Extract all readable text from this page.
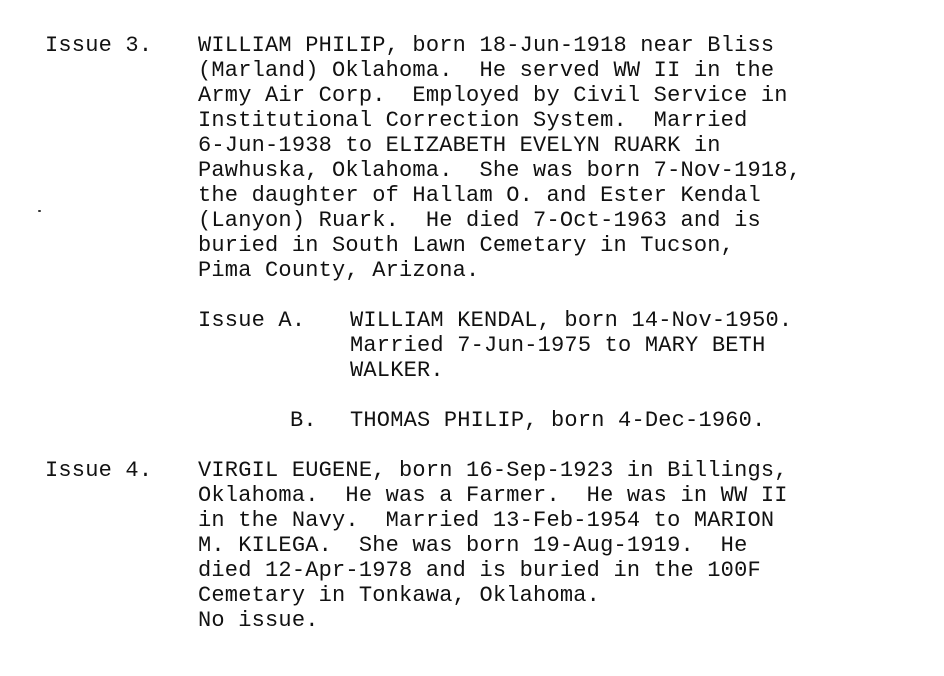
Issue 3. WILLIAM PHILIP, born 18-Jun-1918 near Bliss
(Marland) Oklahoma.  He served WW II in the
Army Air Corp.  Employed by Civil Service in
Institutional Correction System.  Married
6-Jun-1938 to ELIZABETH EVELYN RUARK in
Pawhuska, Oklahoma.  She was born 7-Nov-1918,
the daughter of Hallam O. and Ester Kendal
(Lanyon) Ruark.  He died 7-Oct-1963 and is
buried in South Lawn Cemetary in Tucson,
Pima County, Arizona.
Issue A. WILLIAM KENDAL, born 14-Nov-1950.
Married 7-Jun-1975 to MARY BETH
WALKER.
B. THOMAS PHILIP, born 4-Dec-1960.
Issue 4. VIRGIL EUGENE, born 16-Sep-1923 in Billings,
Oklahoma.  He was a Farmer.  He was in WW II
in the Navy.  Married 13-Feb-1954 to MARION
M. KILEGA.  She was born 19-Aug-1919.  He
died 12-Apr-1978 and is buried in the 100F
Cemetary in Tonkawa, Oklahoma.
No issue.
